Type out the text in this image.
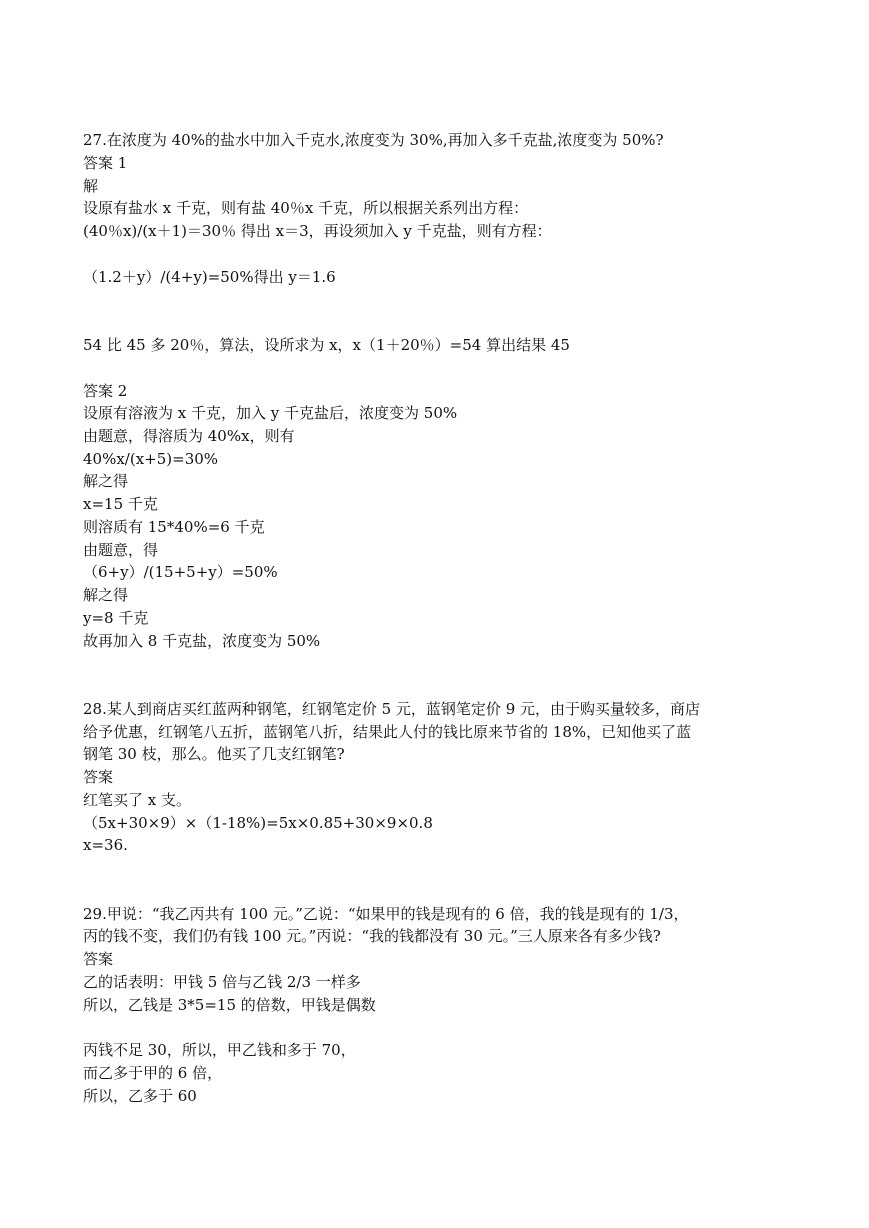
27.在浓度为 40%的盐水中加入千克水,浓度变为 30%,再加入多千克盐,浓度变为 50%?
答案 1
解
设原有盐水 x 千克，则有盐 40％x 千克，所以根据关系列出方程：
(40％x)/(x＋1)＝30％ 得出 x＝3，再设须加入 y 千克盐，则有方程：
（1.2＋y）/(4+y)=50%得出 y＝1.6
54 比 45 多 20％，算法，设所求为 x，x（1＋20％）=54 算出结果 45
答案 2
设原有溶液为 x 千克，加入 y 千克盐后，浓度变为 50%
由题意，得溶质为 40%x，则有
40%x/(x+5)=30%
解之得
x=15 千克
则溶质有 15*40%=6 千克
由题意，得
（6+y）/(15+5+y）=50%
解之得
y=8 千克
故再加入 8 千克盐，浓度变为 50%
28.某人到商店买红蓝两种钢笔，红钢笔定价 5 元，蓝钢笔定价 9 元，由于购买量较多，商店
给予优惠，红钢笔八五折，蓝钢笔八折，结果此人付的钱比原来节省的 18%，已知他买了蓝
钢笔 30 枝，那么。他买了几支红钢笔?
答案
红笔买了 x 支。
（5x+30×9）×（1-18%)=5x×0.85+30×9×0.8
x=36.
29.甲说：“我乙丙共有 100 元。”乙说：“如果甲的钱是现有的 6 倍，我的钱是现有的 1/3，
丙的钱不变，我们仍有钱 100 元。”丙说：“我的钱都没有 30 元。”三人原来各有多少钱?
答案
乙的话表明：甲钱 5 倍与乙钱 2/3 一样多
所以，乙钱是 3*5=15 的倍数，甲钱是偶数
丙钱不足 30，所以，甲乙钱和多于 70，
而乙多于甲的 6 倍，
所以，乙多于 60
